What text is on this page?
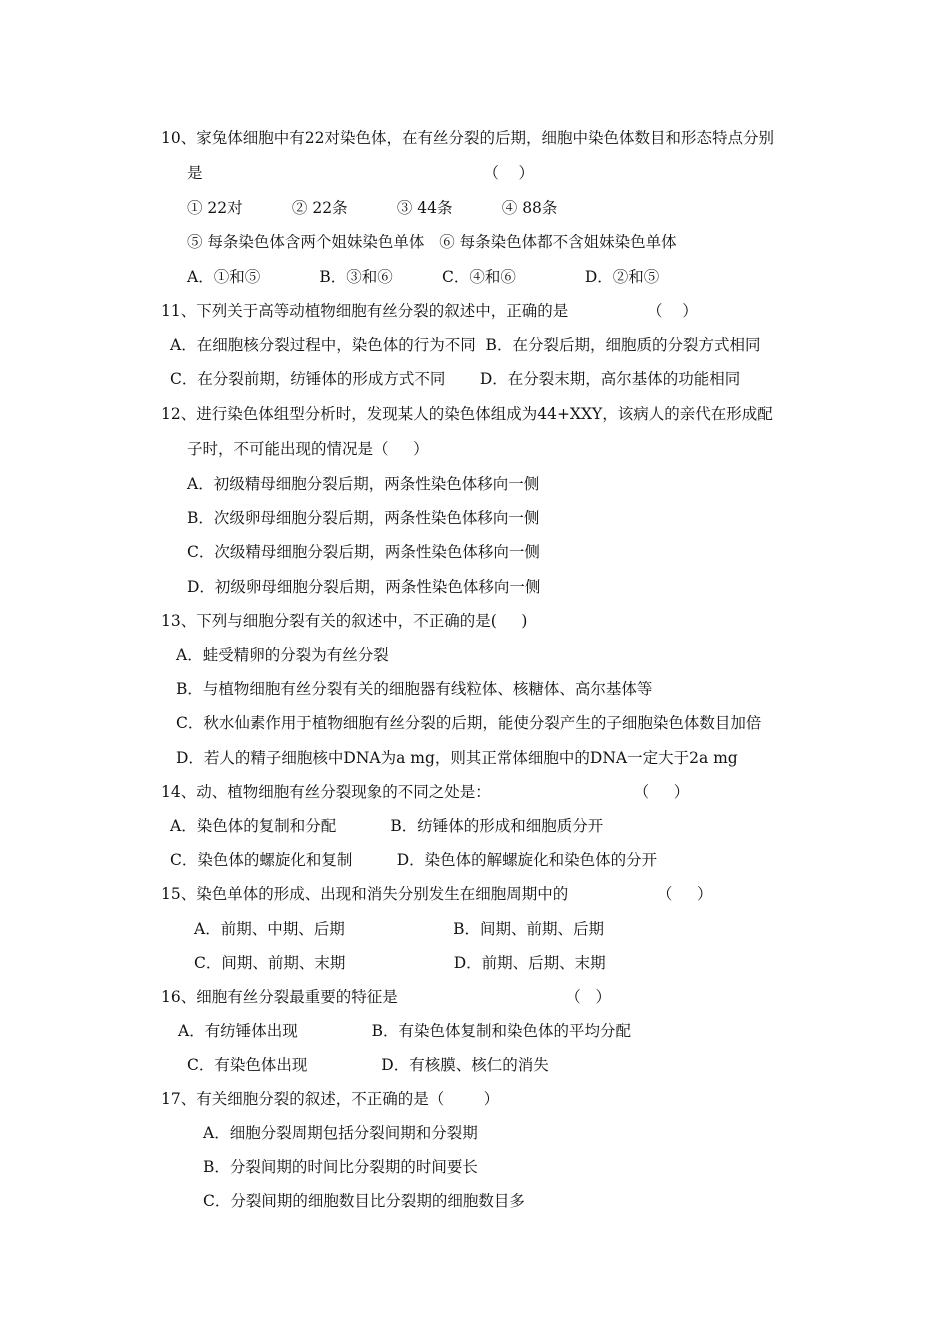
10、家兔体细胞中有22对染色体，在有丝分裂的后期，细胞中染色体数目和形态特点分别
是                                                         （    ）
① 22对          ② 22条          ③ 44条          ④ 88条
⑤ 每条染色体含两个姐妹染色单体   ⑥ 每条染色体都不含姐妹染色单体
A．①和⑤            B．③和⑥          C．④和⑥              D．②和⑤
11、下列关于高等动植物细胞有丝分裂的叙述中，正确的是                （    ）
A．在细胞核分裂过程中，染色体的行为不同  B．在分裂后期，细胞质的分裂方式相同
C．在分裂前期，纺锤体的形成方式不同       D．在分裂末期，高尔基体的功能相同
12、进行染色体组型分析时，发现某人的染色体组成为44+XXY，该病人的亲代在形成配
子时，不可能出现的情况是（     ）
A．初级精母细胞分裂后期，两条性染色体移向一侧
B．次级卵母细胞分裂后期，两条性染色体移向一侧
C．次级精母细胞分裂后期，两条性染色体移向一侧
D．初级卵母细胞分裂后期，两条性染色体移向一侧
13、下列与细胞分裂有关的叙述中，不正确的是(     )
A．蛙受精卵的分裂为有丝分裂
B．与植物细胞有丝分裂有关的细胞器有线粒体、核糖体、高尔基体等
C．秋水仙素作用于植物细胞有丝分裂的后期，能使分裂产生的子细胞染色体数目加倍
D．若人的精子细胞核中DNA为a mg，则其正常体细胞中的DNA一定大于2a mg
14、动、植物细胞有丝分裂现象的不同之处是：                             （     ）
A．染色体的复制和分配           B．纺锤体的形成和细胞质分开
C．染色体的螺旋化和复制         D．染色体的解螺旋化和染色体的分开
15、染色单体的形成、出现和消失分别发生在细胞周期中的                  （     ）
A．前期、中期、后期                      B．间期、前期、后期
C．间期、前期、末期                      D．前期、后期、末期
16、细胞有丝分裂最重要的特征是                                  （   ）
A．有纺锤体出现               B．有染色体复制和染色体的平均分配
C．有染色体出现               D．有核膜、核仁的消失
17、有关细胞分裂的叙述，不正确的是（        ）
A．细胞分裂周期包括分裂间期和分裂期
B．分裂间期的时间比分裂期的时间要长
C．分裂间期的细胞数目比分裂期的细胞数目多
